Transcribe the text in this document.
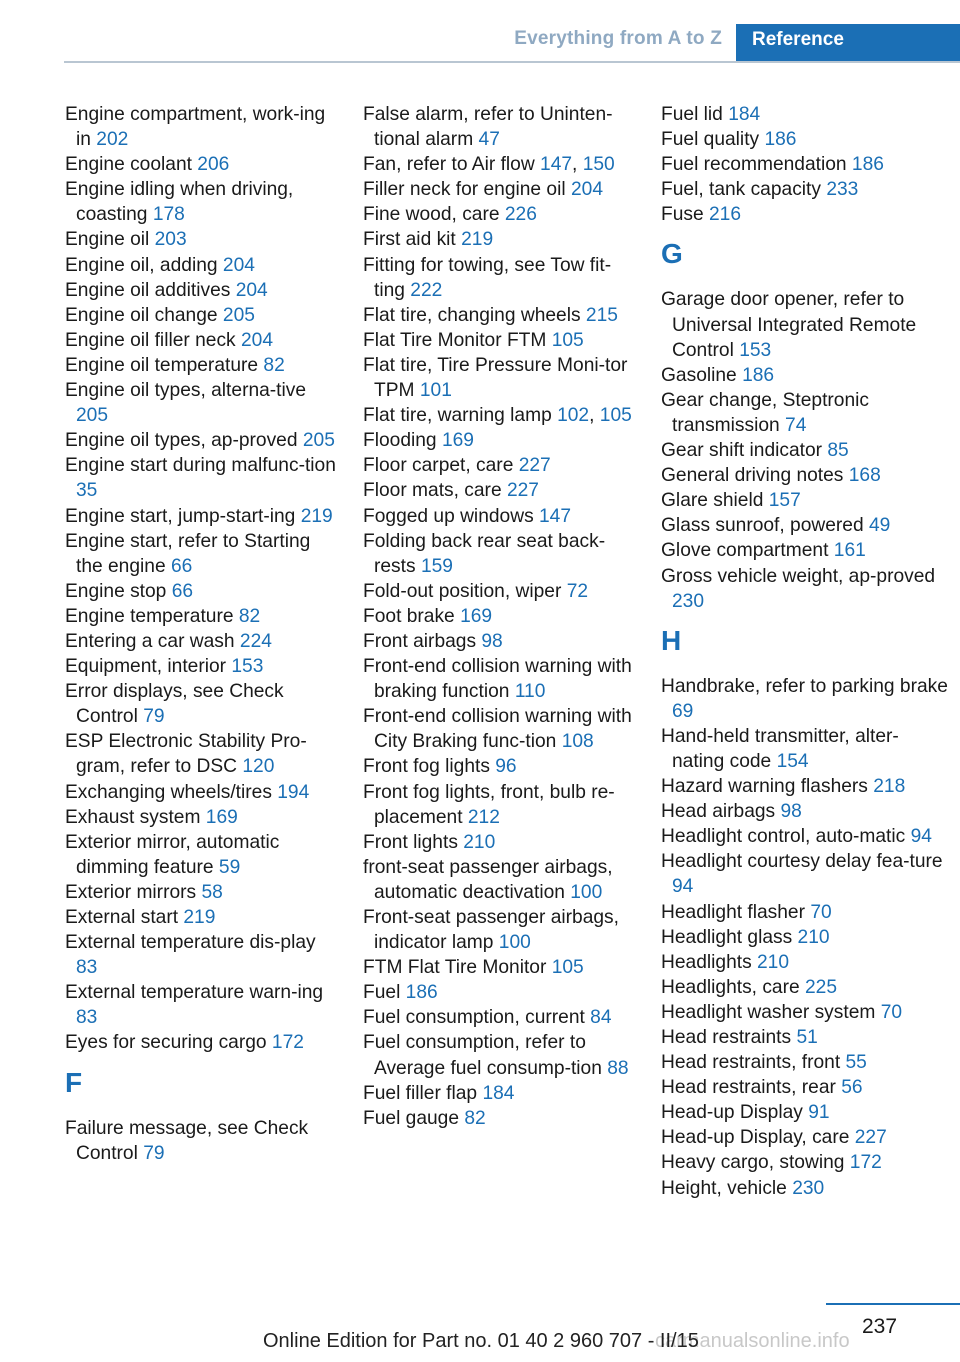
Everything from A to Z	Reference
Engine compartment, work-ing in 202
Engine coolant 206
Engine idling when driving, coasting 178
Engine oil 203
Engine oil, adding 204
Engine oil additives 204
Engine oil change 205
Engine oil filler neck 204
Engine oil temperature 82
Engine oil types, alterna-tive 205
Engine oil types, ap-proved 205
Engine start during malfunc-tion 35
Engine start, jump-start-ing 219
Engine start, refer to Starting the engine 66
Engine stop 66
Engine temperature 82
Entering a car wash 224
Equipment, interior 153
Error displays, see Check Control 79
ESP Electronic Stability Pro-gram, refer to DSC 120
Exchanging wheels/tires 194
Exhaust system 169
Exterior mirror, automatic dimming feature 59
Exterior mirrors 58
External start 219
External temperature dis-play 83
External temperature warn-ing 83
Eyes for securing cargo 172
F
Failure message, see Check Control 79
False alarm, refer to Uninten-tional alarm 47
Fan, refer to Air flow 147, 150
Filler neck for engine oil 204
Fine wood, care 226
First aid kit 219
Fitting for towing, see Tow fit-ting 222
Flat tire, changing wheels 215
Flat Tire Monitor FTM 105
Flat tire, Tire Pressure Moni-tor TPM 101
Flat tire, warning lamp 102, 105
Flooding 169
Floor carpet, care 227
Floor mats, care 227
Fogged up windows 147
Folding back rear seat back-rests 159
Fold-out position, wiper 72
Foot brake 169
Front airbags 98
Front-end collision warning with braking function 110
Front-end collision warning with City Braking func-tion 108
Front fog lights 96
Front fog lights, front, bulb re-placement 212
Front lights 210
front-seat passenger airbags, automatic deactivation 100
Front-seat passenger airbags, indicator lamp 100
FTM Flat Tire Monitor 105
Fuel 186
Fuel consumption, current 84
Fuel consumption, refer to Average fuel consump-tion 88
Fuel filler flap 184
Fuel gauge 82
Fuel lid 184
Fuel quality 186
Fuel recommendation 186
Fuel, tank capacity 233
Fuse 216
G
Garage door opener, refer to Universal Integrated Remote Control 153
Gasoline 186
Gear change, Steptronic transmission 74
Gear shift indicator 85
General driving notes 168
Glare shield 157
Glass sunroof, powered 49
Glove compartment 161
Gross vehicle weight, ap-proved 230
H
Handbrake, refer to parking brake 69
Hand-held transmitter, alter-nating code 154
Hazard warning flashers 218
Head airbags 98
Headlight control, auto-matic 94
Headlight courtesy delay fea-ture 94
Headlight flasher 70
Headlight glass 210
Headlights 210
Headlights, care 225
Headlight washer system 70
Head restraints 51
Head restraints, front 55
Head restraints, rear 56
Head-up Display 91
Head-up Display, care 227
Heavy cargo, stowing 172
Height, vehicle 230
237
carmanualsonline.info
Online Edition for Part no. 01 40 2 960 707 - II/15
